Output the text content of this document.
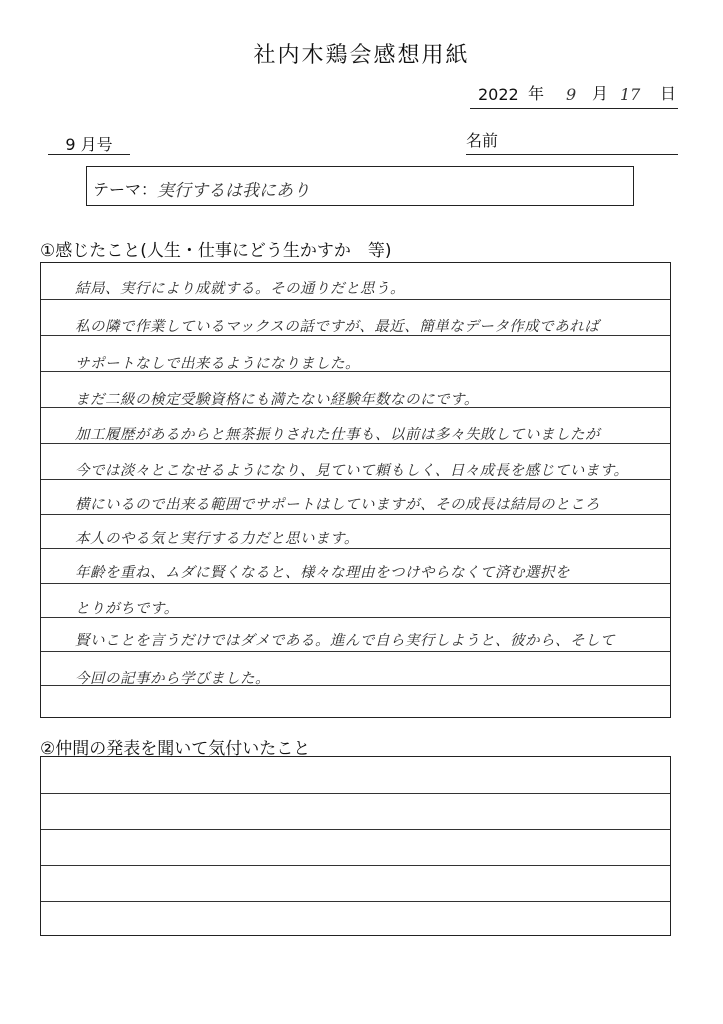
社内木鶏会感想用紙
2022 年 9 月 17 日
9 月号	名前
テーマ： 実行するは我にあり
①感じたこと(人生・仕事にどう生かすか　等)
結局、実行により成就する。その通りだと思う。
私の隣で作業しているマックスの話ですが、最近、簡単なデータ作成であれば
サポートなしで出来るようになりました。
まだ二級の検定受験資格にも満たない経験年数なのにです。
加工履歴があるからと無茶振りされた仕事も、以前は多々失敗していましたが
今では淡々とこなせるようになり、見ていて頼もしく、日々成長を感じています。
横にいるので出来る範囲でサポートはしていますが、その成長は結局のところ
本人のやる気と実行する力だと思います。
年齢を重ね、ムダに賢くなると、様々な理由をつけやらなくて済む選択を
とりがちです。
賢いことを言うだけではダメである。進んで自ら実行しようと、彼から、そして
今回の記事から学びました。
②仲間の発表を聞いて気付いたこと
